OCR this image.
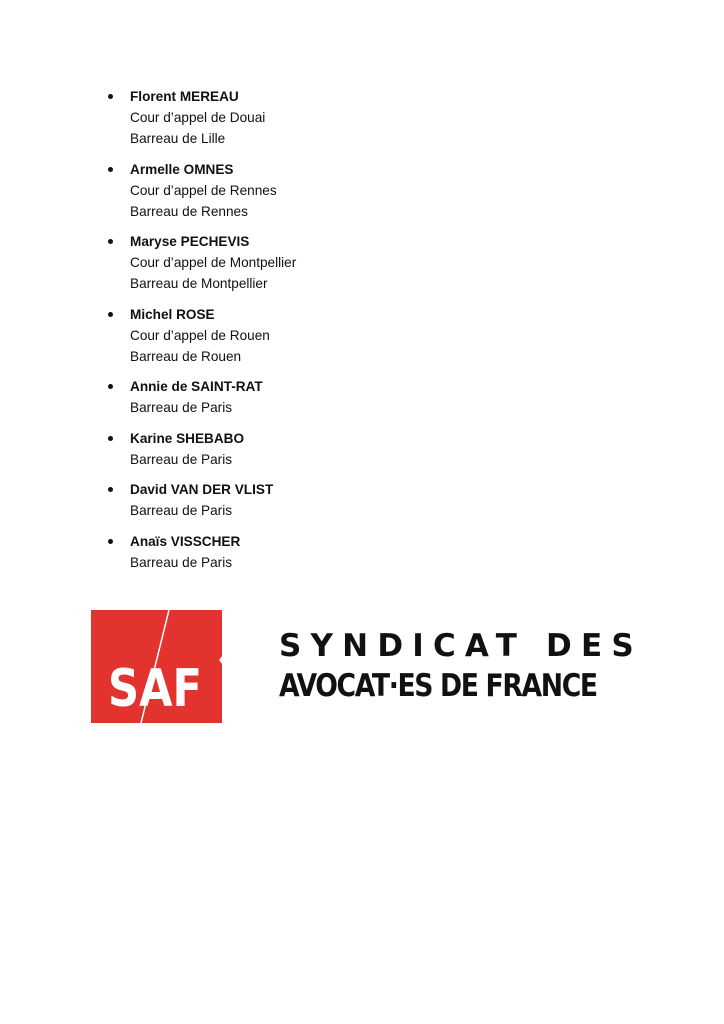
Florent MEREAU
Cour d’appel de Douai
Barreau de Lille
Armelle OMNES
Cour d’appel de Rennes
Barreau de Rennes
Maryse PECHEVIS
Cour d’appel de Montpellier
Barreau de Montpellier
Michel ROSE
Cour d’appel de Rouen
Barreau de Rouen
Annie de SAINT-RAT
Barreau de Paris
Karine SHEBABO
Barreau de Paris
David VAN DER VLIST
Barreau de Paris
Anaïs VISSCHER
Barreau de Paris
SAF
SYNDICAT DES
AVOCAT·ES DE FRANCE
